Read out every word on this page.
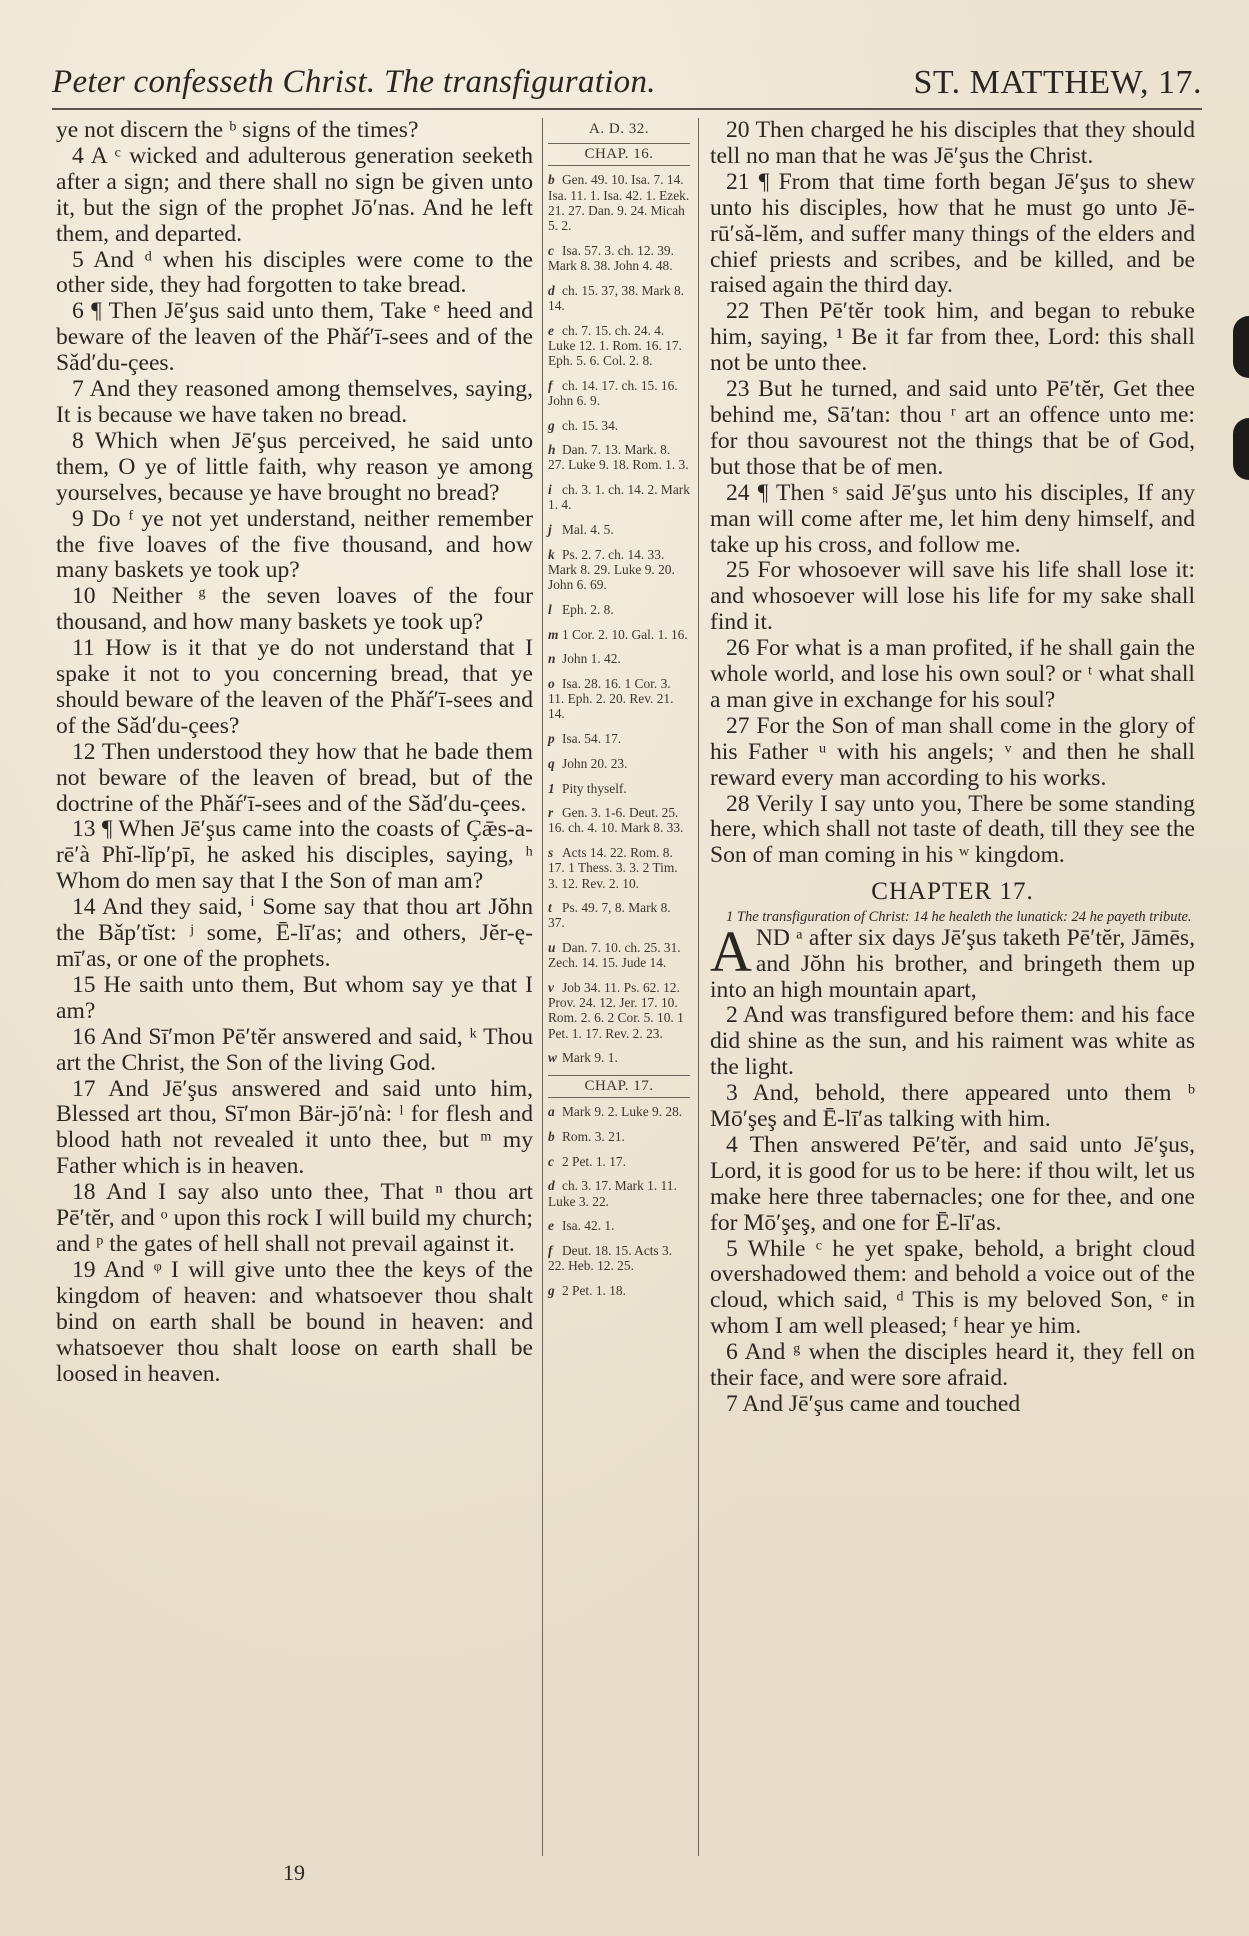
Peter confesseth Christ. The transfiguration.	ST. MATTHEW, 17.

ye not discern the ᵇ signs of the times?

4 A ᶜ wicked and adulterous generation seeketh after a sign; and there shall no sign be given unto it, but the sign of the prophet Jō′nas. And he left them, and departed.

5 And ᵈ when his disciples were come to the other side, they had forgotten to take bread.

6 ¶ Then Jē′şus said unto them, Take ᵉ heed and beware of the leaven of the Phǎŕ′ī-sees and of the Sǎd′du-çees.

7 And they reasoned among themselves, saying, It is because we have taken no bread.

8 Which when Jē′şus perceived, he said unto them, O ye of little faith, why reason ye among yourselves, because ye have brought no bread?

9 Do ᶠ ye not yet understand, neither remember the five loaves of the five thousand, and how many baskets ye took up?

10 Neither ᵍ the seven loaves of the four thousand, and how many baskets ye took up?

11 How is it that ye do not understand that I spake it not to you concerning bread, that ye should beware of the leaven of the Phǎŕ′ī-sees and of the Sǎd′du-çees?

12 Then understood they how that he bade them not beware of the leaven of bread, but of the doctrine of the Phǎŕ′ī-sees and of the Sǎd′du-çees.

13 ¶ When Jē′şus came into the coasts of Çǣs-a-rē′à Phĭ-lĭp′pī, he asked his disciples, saying, ʰ Whom do men say that I the Son of man am?

14 And they said, ⁱ Some say that thou art Jŏhn the Bǎp′tĭst: ʲ some, Ē-lī′as; and others, Jĕr-ę-mī′as, or one of the prophets.

15 He saith unto them, But whom say ye that I am?

16 And Sī′mon Pē′tĕr answered and said, ᵏ Thou art the Christ, the Son of the living God.

17 And Jē′şus answered and said unto him, Blessed art thou, Sī′mon Bär-jō′nà: ˡ for flesh and blood hath not revealed it unto thee, but ᵐ my Father which is in heaven.

18 And I say also unto thee, That ⁿ thou art Pē′tĕr, and ᵒ upon this rock I will build my church; and ᵖ the gates of hell shall not prevail against it.

19 And ᵠ I will give unto thee the keys of the kingdom of heaven: and whatsoever thou shalt bind on earth shall be bound in heaven: and whatsoever thou shalt loose on earth shall be loosed in heaven.

A. D. 32.
CHAP. 16.
b Gen. 49. 10. Isa. 7. 14. Isa. 11. 1. Isa. 42. 1. Ezek. 21. 27. Dan. 9. 24. Micah 5. 2.
c Isa. 57. 3. ch. 12. 39. Mark 8. 38. John 4. 48.
d ch. 15. 37, 38. Mark 8. 14.
e ch. 7. 15. ch. 24. 4. Luke 12. 1. Rom. 16. 17. Eph. 5. 6. Col. 2. 8.
f ch. 14. 17. ch. 15. 16. John 6. 9.
g ch. 15. 34.
h Dan. 7. 13. Mark. 8. 27. Luke 9. 18. Rom. 1. 3.
i ch. 3. 1. ch. 14. 2. Mark 1. 4.
j Mal. 4. 5.
k Ps. 2. 7. ch. 14. 33. Mark 8. 29. Luke 9. 20. John 6. 69.
l Eph. 2. 8.
m 1 Cor. 2. 10. Gal. 1. 16.
n John 1. 42.
o Isa. 28. 16. 1 Cor. 3. 11. Eph. 2. 20. Rev. 21. 14.
p Isa. 54. 17.
q John 20. 23.
1 Pity thyself.
r Gen. 3. 1-6. Deut. 25. 16. ch. 4. 10. Mark 8. 33.
s Acts 14. 22. Rom. 8. 17. 1 Thess. 3. 3. 2 Tim. 3. 12. Rev. 2. 10.
t Ps. 49. 7, 8. Mark 8. 37.
u Dan. 7. 10. ch. 25. 31. Zech. 14. 15. Jude 14.
v Job 34. 11. Ps. 62. 12. Prov. 24. 12. Jer. 17. 10. Rom. 2. 6. 2 Cor. 5. 10. 1 Pet. 1. 17. Rev. 2. 23.
w Mark 9. 1.
CHAP. 17.
a Mark 9. 2. Luke 9. 28.
b Rom. 3. 21.
c 2 Pet. 1. 17.
d ch. 3. 17. Mark 1. 11. Luke 3. 22.
e Isa. 42. 1.
f Deut. 18. 15. Acts 3. 22. Heb. 12. 25.
g 2 Pet. 1. 18.

20 Then charged he his disciples that they should tell no man that he was Jē′şus the Christ.

21 ¶ From that time forth began Jē′şus to shew unto his disciples, how that he must go unto Jē-rū′sǎ-lĕm, and suffer many things of the elders and chief priests and scribes, and be killed, and be raised again the third day.

22 Then Pē′tĕr took him, and began to rebuke him, saying, ¹ Be it far from thee, Lord: this shall not be unto thee.

23 But he turned, and said unto Pē′tĕr, Get thee behind me, Sā′tan: thou ʳ art an offence unto me: for thou savourest not the things that be of God, but those that be of men.

24 ¶ Then ˢ said Jē′şus unto his disciples, If any man will come after me, let him deny himself, and take up his cross, and follow me.

25 For whosoever will save his life shall lose it: and whosoever will lose his life for my sake shall find it.

26 For what is a man profited, if he shall gain the whole world, and lose his own soul? or ᵗ what shall a man give in exchange for his soul?

27 For the Son of man shall come in the glory of his Father ᵘ with his angels; ᵛ and then he shall reward every man according to his works.

28 Verily I say unto you, There be some standing here, which shall not taste of death, till they see the Son of man coming in his ʷ kingdom.

CHAPTER 17.

1 The transfiguration of Christ: 14 he healeth the lunatick: 24 he payeth tribute.

AND ᵃ after six days Jē′şus taketh Pē′tĕr, Jāmēs, and Jŏhn his brother, and bringeth them up into an high mountain apart,

2 And was transfigured before them: and his face did shine as the sun, and his raiment was white as the light.

3 And, behold, there appeared unto them ᵇ Mō′şeş and Ē-lī′as talking with him.

4 Then answered Pē′tĕr, and said unto Jē′şus, Lord, it is good for us to be here: if thou wilt, let us make here three tabernacles; one for thee, and one for Mō′şeş, and one for Ē-lī′as.

5 While ᶜ he yet spake, behold, a bright cloud overshadowed them: and behold a voice out of the cloud, which said, ᵈ This is my beloved Son, ᵉ in whom I am well pleased; ᶠ hear ye him.

6 And ᵍ when the disciples heard it, they fell on their face, and were sore afraid.

7 And Jē′şus came and touched

19
